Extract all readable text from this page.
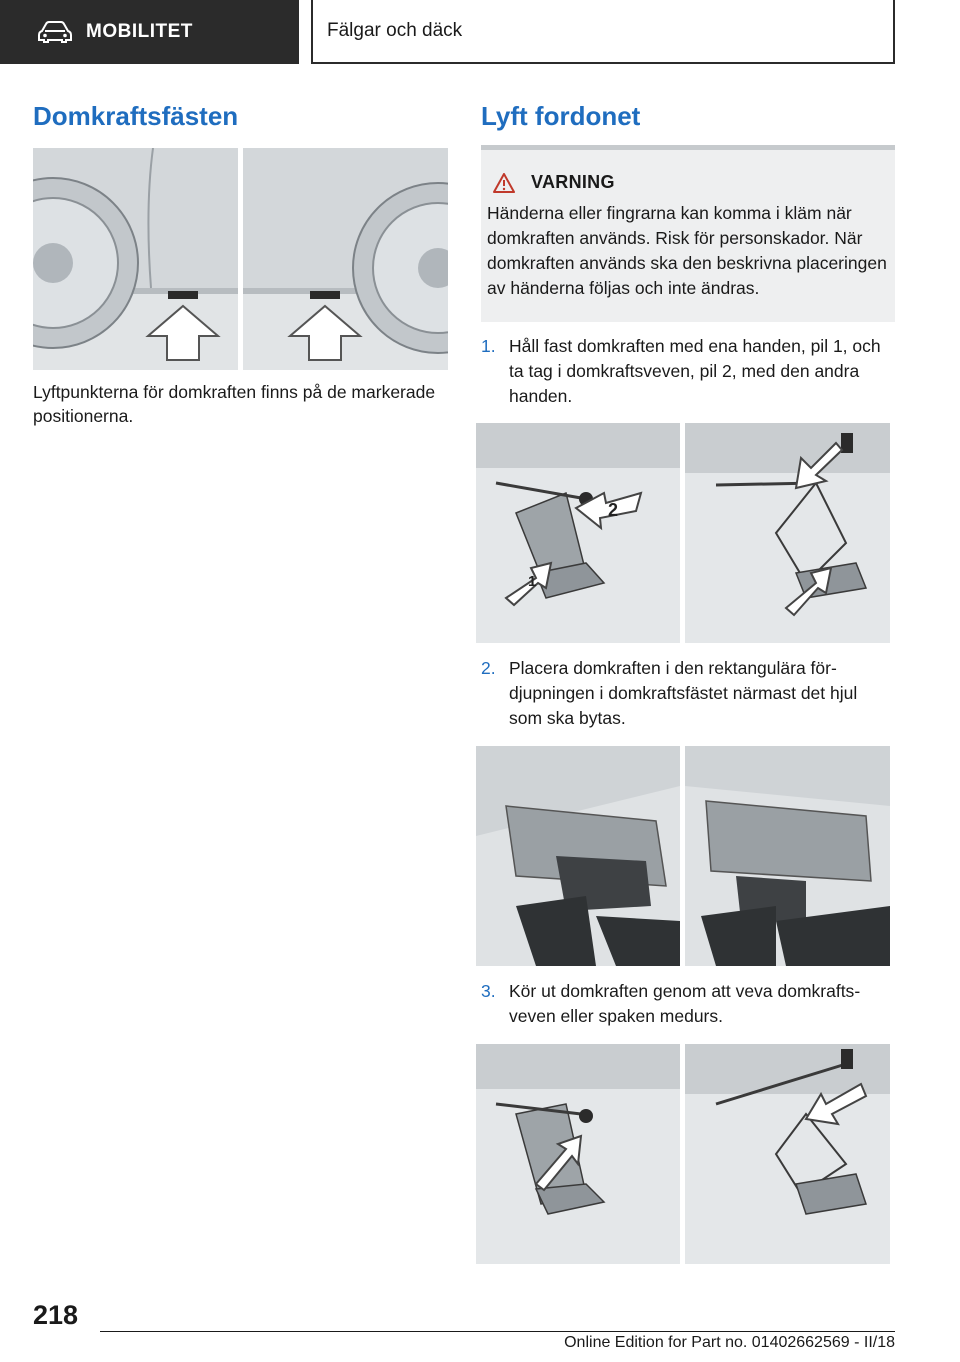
MOBILITET	Fälgar och däck
Domkraftsfästen

Lyftpunkterna för domkraften finns på de markerade positionerna.

Lyft fordonet
VARNING

Händerna eller fingrarna kan komma i kläm när domkraften används. Risk för personskador. När domkraften används ska den beskrivna placeringen av händerna följas och inte ändras.

1. Håll fast domkraften med ena handen, pil 1, och ta tag i domkraftsveven, pil 2, med den andra handen.
2
1
2. Placera domkraften i den rektangulära fördjupningen i domkraftsfästet närmast det hjul som ska bytas.
3. Kör ut domkraften genom att veva domkraftsveven eller spaken medurs.
218
Online Edition for Part no. 01402662569 - II/18
